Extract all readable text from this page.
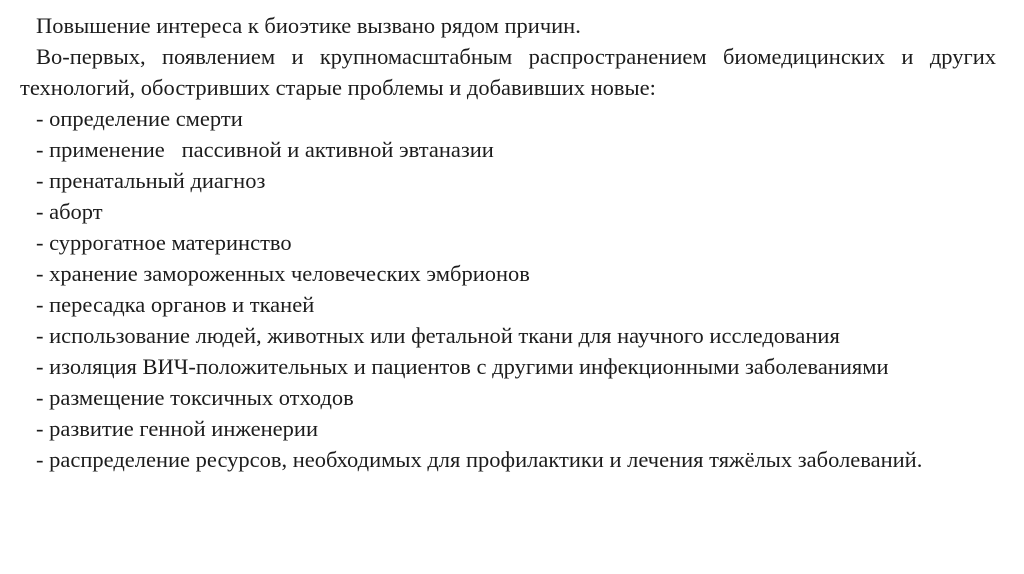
Повышение интереса к биоэтике вызвано рядом причин.

Во-первых, появлением и крупномасштабным распространением биомедицинских и других технологий, обостривших старые проблемы и добавивших новые:

- определение смерти
- применение   пассивной и активной эвтаназии
- пренатальный диагноз
- аборт
- суррогатное материнство
- хранение замороженных человеческих эмбрионов
- пересадка органов и тканей
- использование людей, животных или фетальной ткани для научного исследования
- изоляция ВИЧ-положительных и пациентов с другими инфекционными заболеваниями
- размещение токсичных отходов
- развитие генной инженерии
- распределение ресурсов, необходимых для профилактики и лечения тяжёлых заболеваний.
